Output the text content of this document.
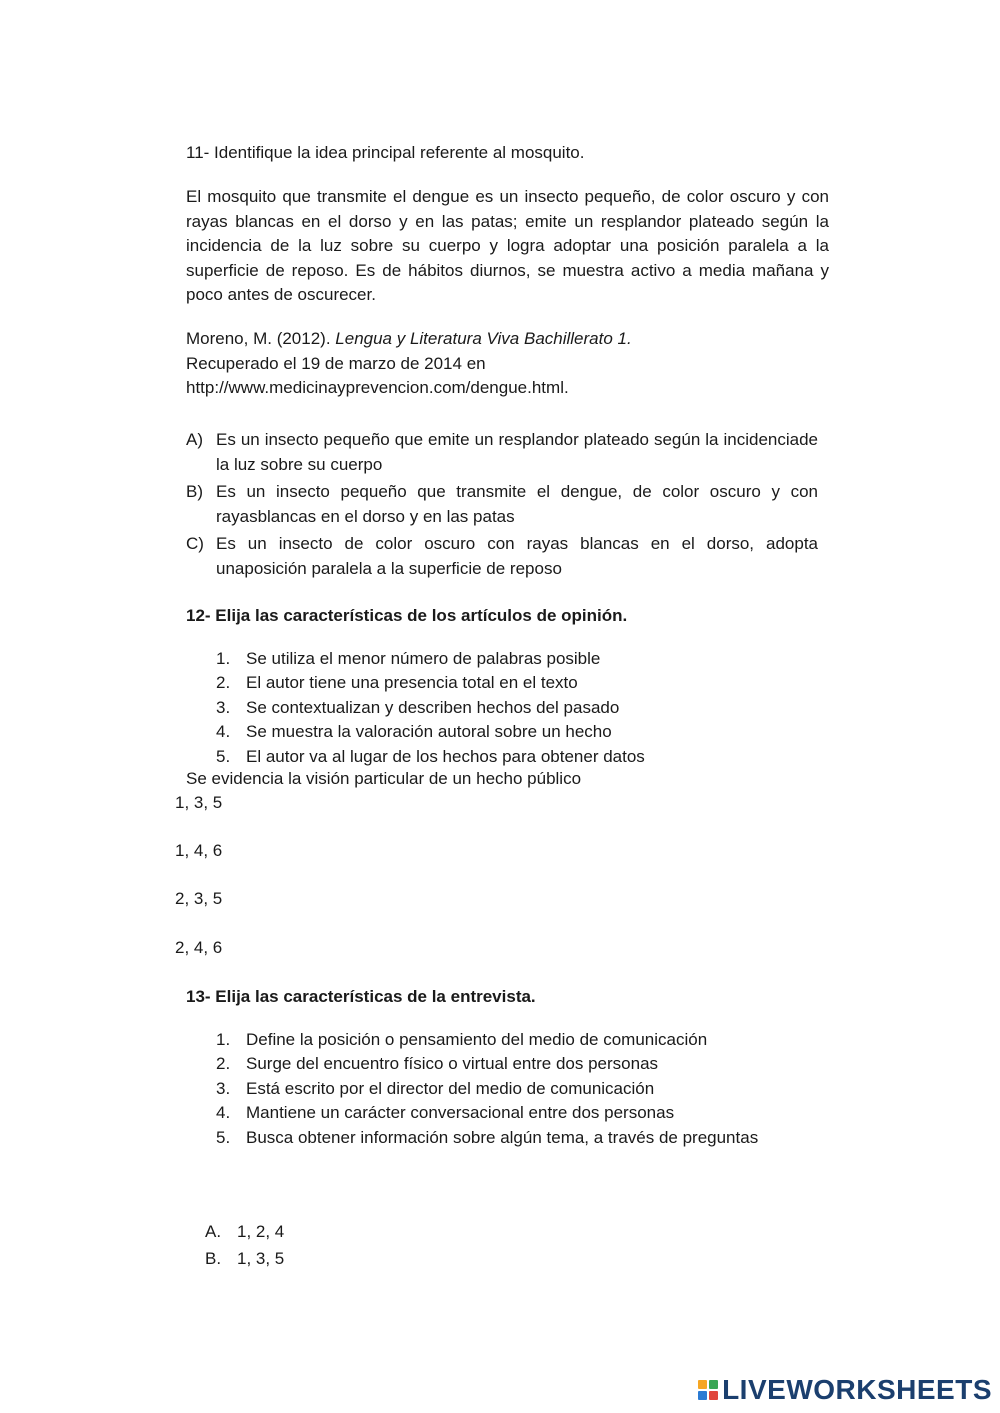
11- Identifique la idea principal referente al mosquito.
El mosquito que transmite el dengue es un insecto pequeño, de color oscuro y con rayas blancas en el dorso y en las patas; emite un resplandor plateado según la incidencia de la luz sobre su cuerpo y logra adoptar una posición paralela a la superficie de reposo. Es de hábitos diurnos, se muestra activo a media mañana y poco antes de oscurecer.
Moreno, M. (2012). Lengua y Literatura Viva Bachillerato 1.
Recuperado el 19 de marzo de 2014 en
http://www.medicinayprevencion.com/dengue.html.
A) Es un insecto pequeño que emite un resplandor plateado según la incidenciade la luz sobre su cuerpo
B) Es un insecto pequeño que transmite el dengue, de color oscuro y con rayasblancas en el dorso y en las patas
C) Es un insecto de color oscuro con rayas blancas en el dorso, adopta unaposición paralela a la superficie de reposo
12- Elija las características de los artículos de opinión.
1. Se utiliza el menor número de palabras posible
2. El autor tiene una presencia total en el texto
3. Se contextualizan y describen hechos del pasado
4. Se muestra la valoración autoral sobre un hecho
5. El autor va al lugar de los hechos para obtener datos
Se evidencia la visión particular de un hecho público
1, 3, 5
1, 4, 6
2, 3, 5
2, 4, 6
13- Elija las características de la entrevista.
1. Define la posición o pensamiento del medio de comunicación
2. Surge del encuentro físico o virtual entre dos personas
3. Está escrito por el director del medio de comunicación
4. Mantiene un carácter conversacional entre dos personas
5. Busca obtener información sobre algún tema, a través de preguntas
A. 1, 2, 4
B. 1, 3, 5
LIVEWORKSHEETS
